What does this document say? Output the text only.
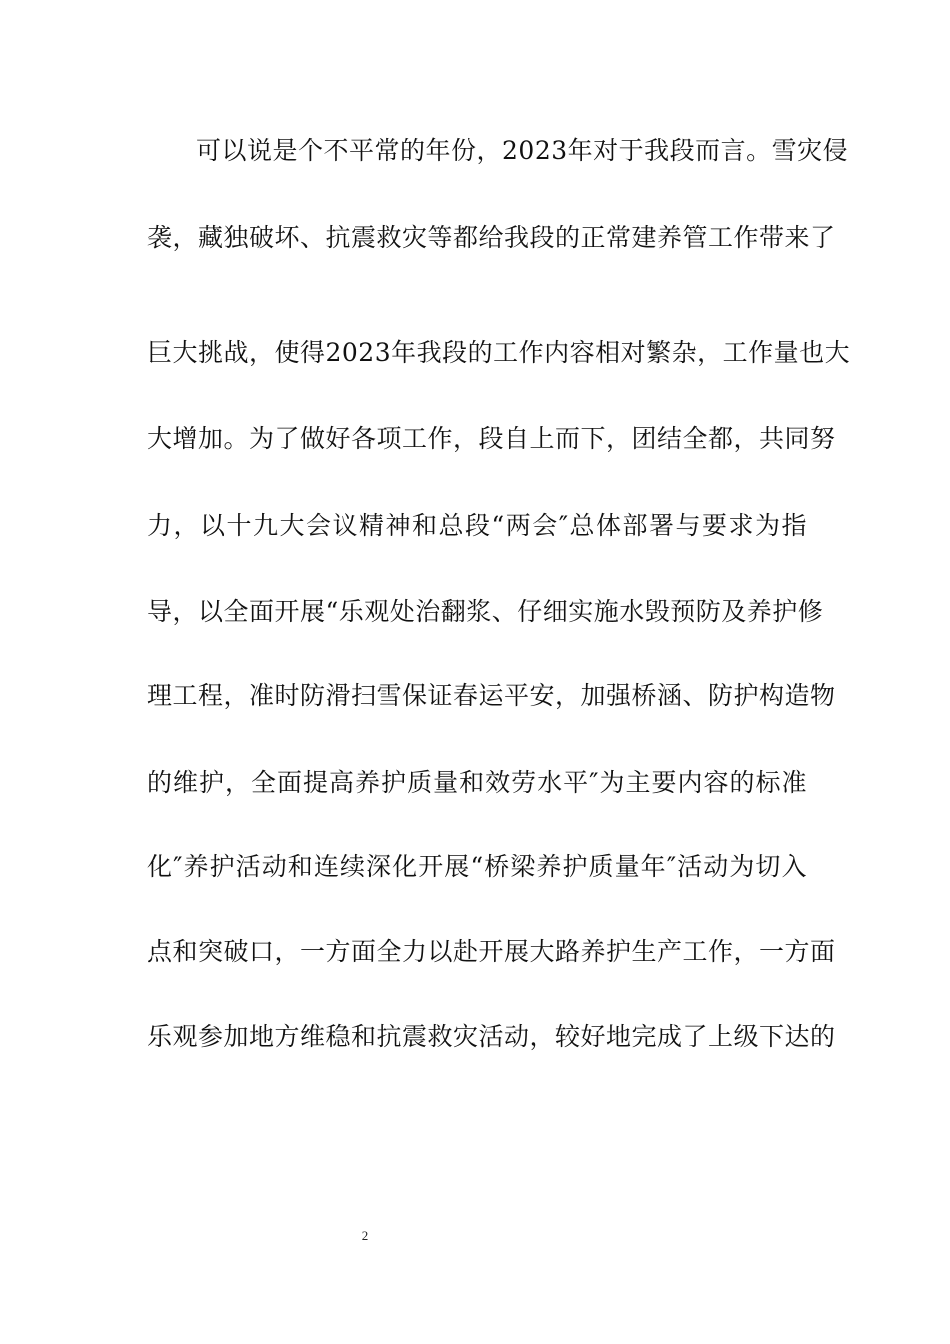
可以说是个不平常的年份，2023年对于我段而言。雪灾侵
袭，藏独破坏、抗震救灾等都给我段的正常建养管工作带来了
巨大挑战，使得2023年我段的工作内容相对繁杂，工作量也大
大增加。为了做好各项工作，段自上而下，团结全都，共同努
力，以十九大会议精神和总段“两会″总体部署与要求为指
导，以全面开展“乐观处治翻浆、仔细实施水毁预防及养护修
理工程，准时防滑扫雪保证春运平安，加强桥涵、防护构造物
的维护，全面提高养护质量和效劳水平″为主要内容的标准
化″养护活动和连续深化开展“桥梁养护质量年″活动为切入
点和突破口，一方面全力以赴开展大路养护生产工作，一方面
乐观参加地方维稳和抗震救灾活动，较好地完成了上级下达的
2
